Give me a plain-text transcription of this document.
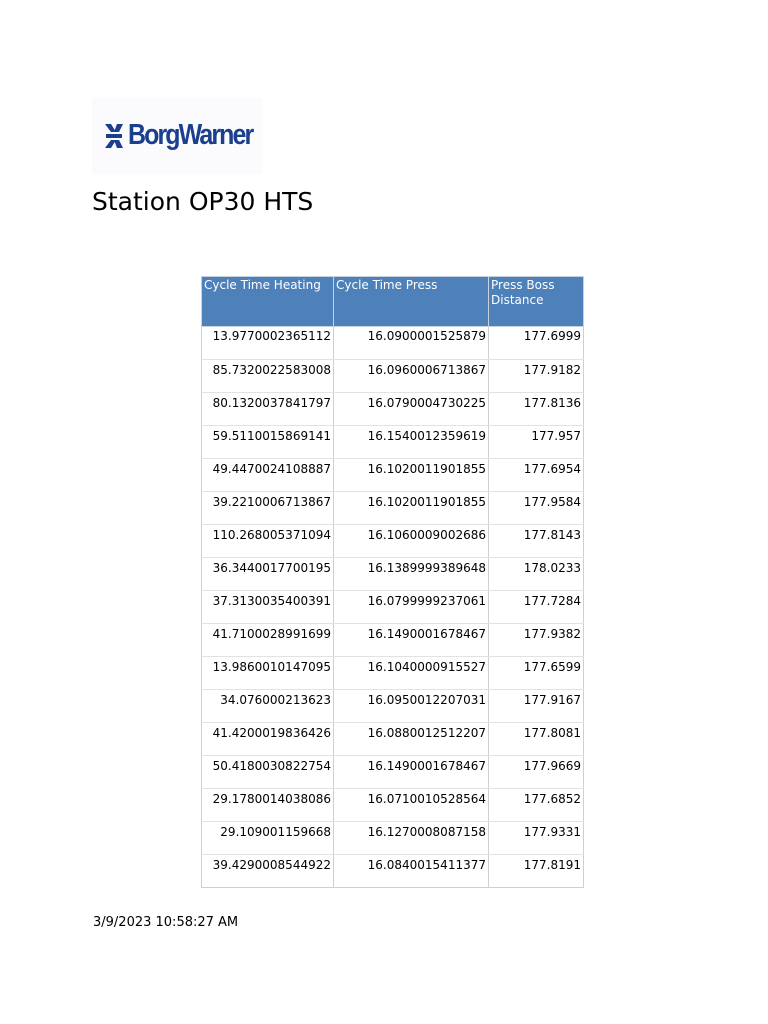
BorgWarner
Station OP30 HTS
Cycle Time Heating	Cycle Time Press	Press Boss Distance
13.9770002365112	16.0900001525879	177.6999
85.7320022583008	16.0960006713867	177.9182
80.1320037841797	16.0790004730225	177.8136
59.5110015869141	16.1540012359619	177.957
49.4470024108887	16.1020011901855	177.6954
39.2210006713867	16.1020011901855	177.9584
110.268005371094	16.1060009002686	177.8143
36.3440017700195	16.1389999389648	178.0233
37.3130035400391	16.0799999237061	177.7284
41.7100028991699	16.1490001678467	177.9382
13.9860010147095	16.1040000915527	177.6599
34.076000213623	16.0950012207031	177.9167
41.4200019836426	16.0880012512207	177.8081
50.4180030822754	16.1490001678467	177.9669
29.1780014038086	16.0710010528564	177.6852
29.109001159668	16.1270008087158	177.9331
39.4290008544922	16.0840015411377	177.8191
3/9/2023 10:58:27 AM
